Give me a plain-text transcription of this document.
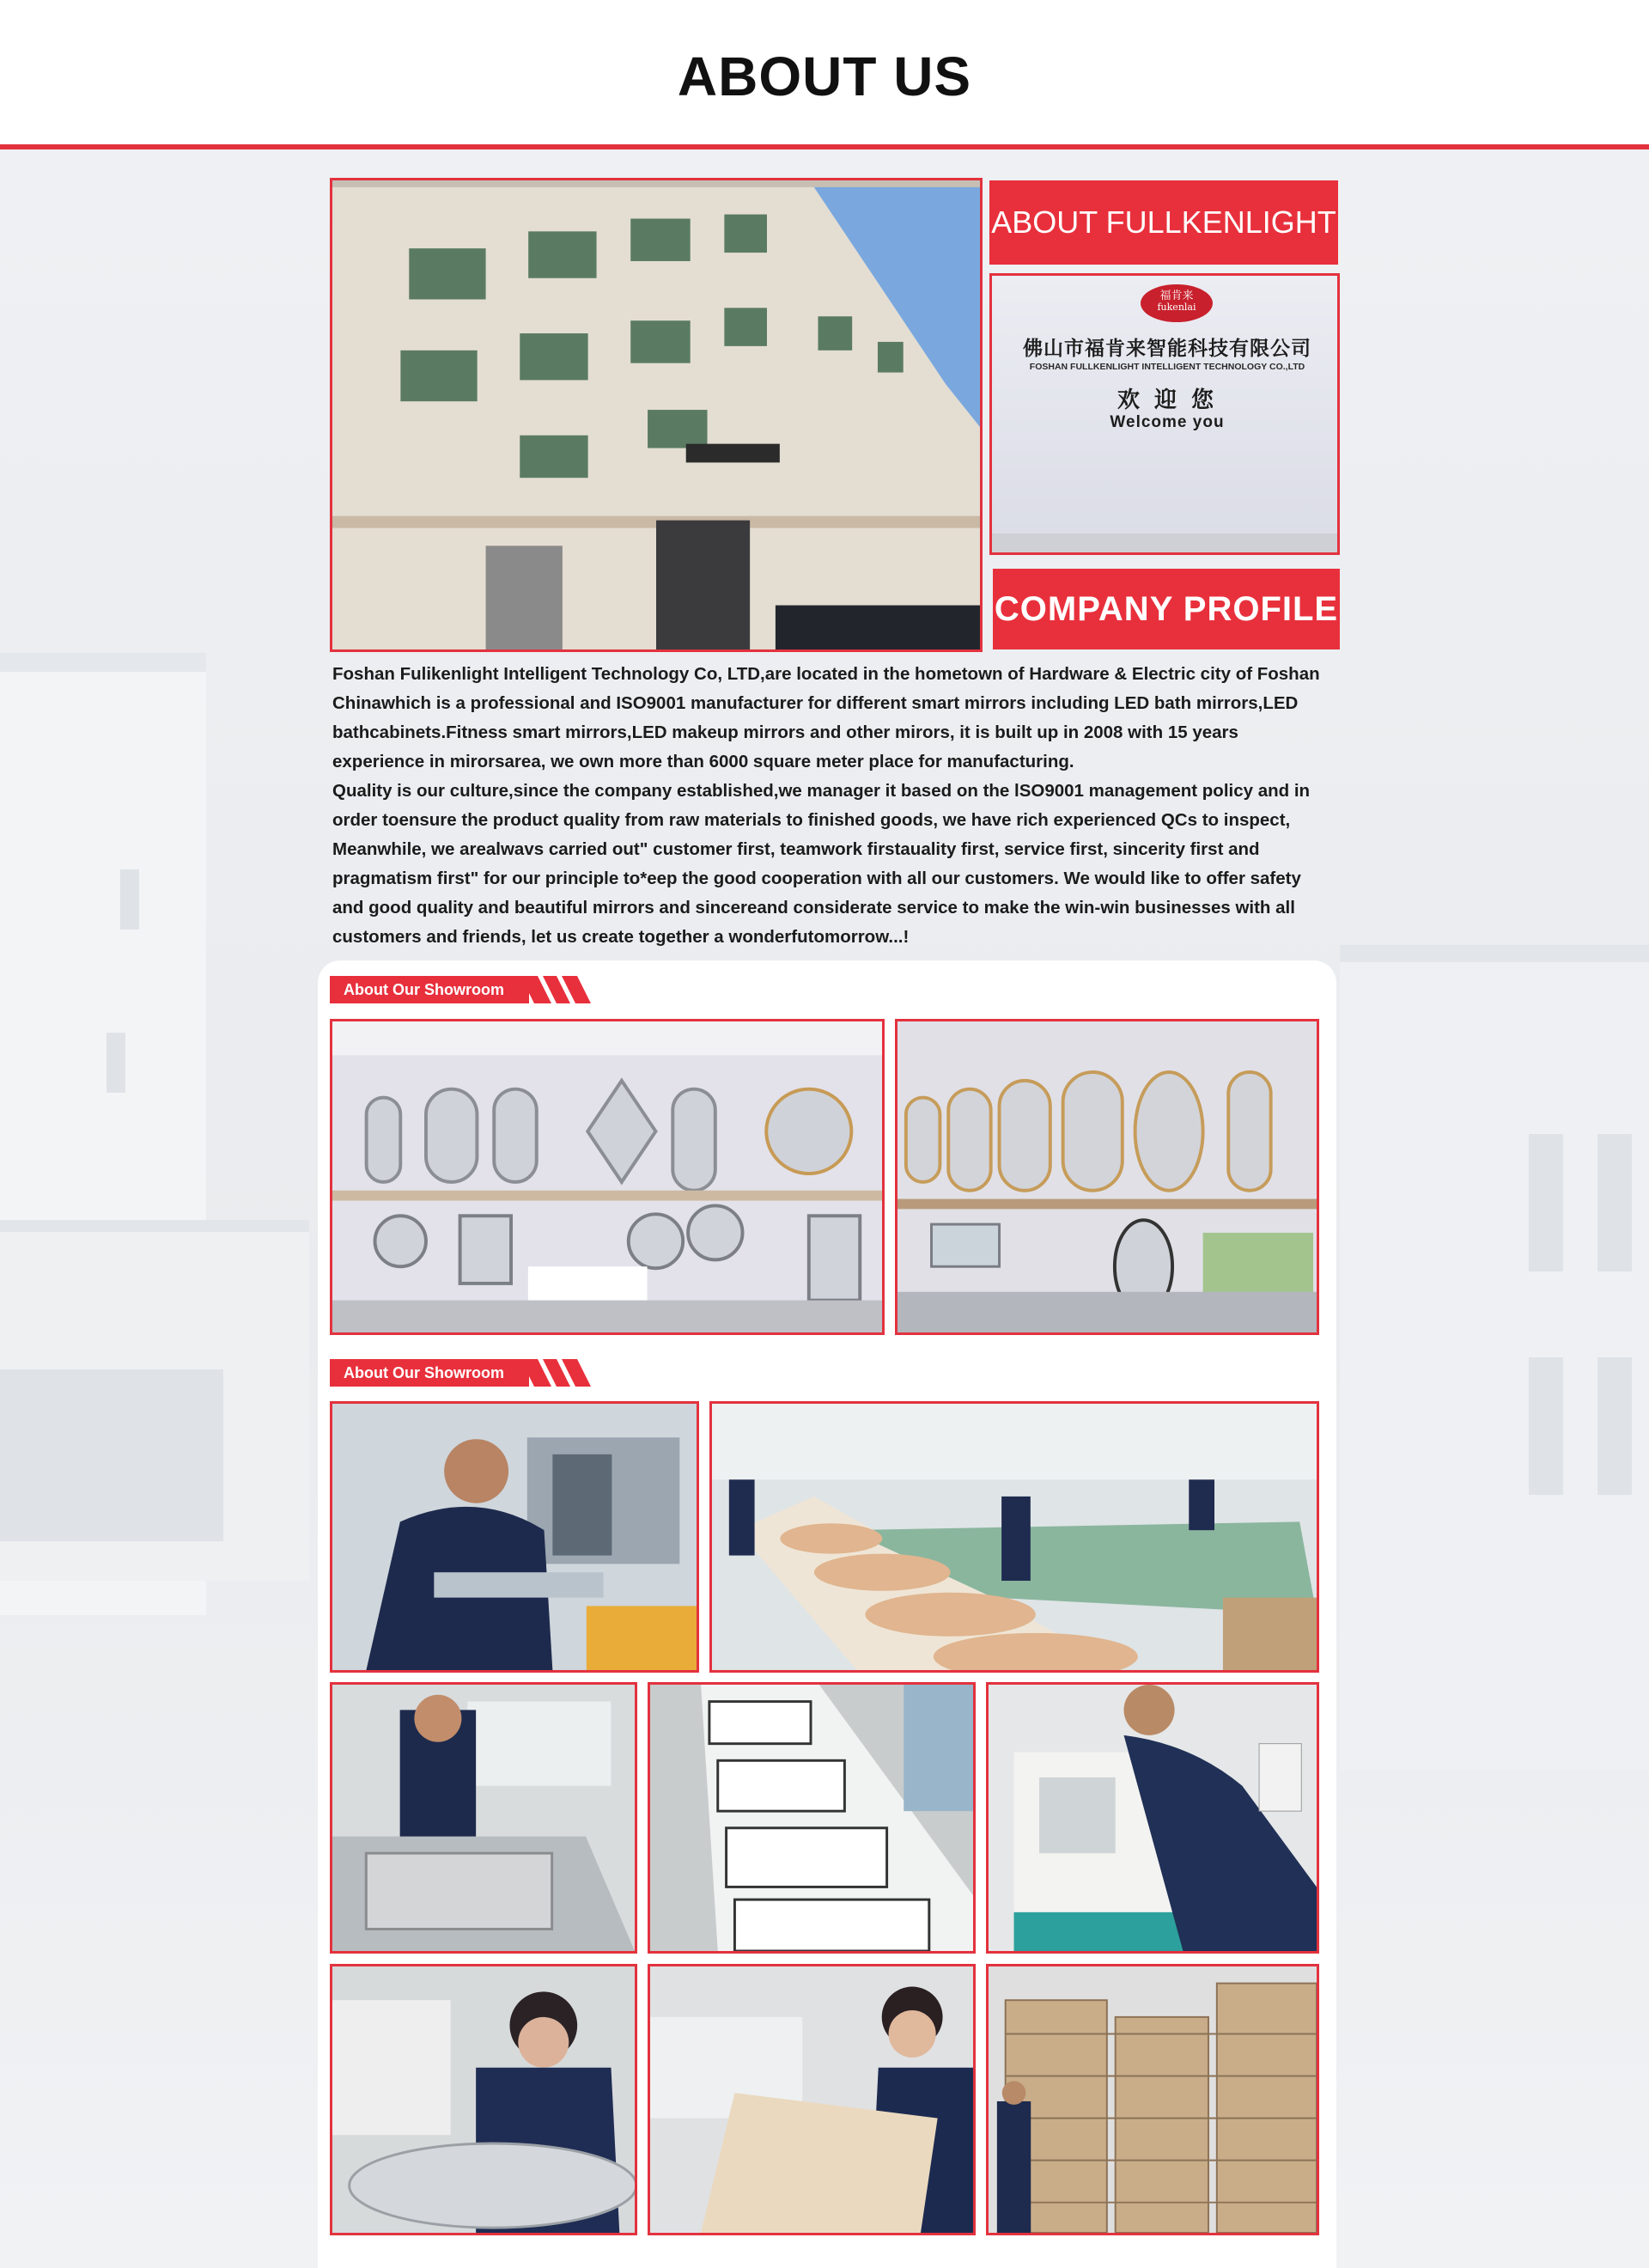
ABOUT US
ABOUT FULLKENLIGHT
福肯来
fukenlai
佛山市福肯来智能科技有限公司
FOSHAN FULLKENLIGHT INTELLIGENT TECHNOLOGY CO.,LTD
欢 迎 您
Welcome you
COMPANY PROFILE

Foshan Fulikenlight Intelligent Technology Co, LTD,are located in the hometown of Hardware & Electric city of Foshan Chinawhich is a professional and ISO9001 manufacturer for different smart mirrors including LED bath mirrors,LED bathcabinets.Fitness smart mirrors,LED makeup mirrors and other mirors, it is built up in 2008 with 15 years experience in mirorsarea, we own more than 6000 square meter place for manufacturing.

Quality is our culture,since the company established,we manager it based on the lSO9001 management policy and in order toensure the product quality from raw materials to finished goods, we have rich experienced QCs to inspect, Meanwhile, we arealwavs carried out" customer first, teamwork firstauality first, service first, sincerity first and pragmatism first" for our principle to*eep the good cooperation with all our customers. We would like to offer safety and good quality and beautiful mirrors and sincereand considerate service to make the win-win businesses with all customers and friends, let us create together a wonderfutomorrow...!

About Our Showroom
About Our Showroom
